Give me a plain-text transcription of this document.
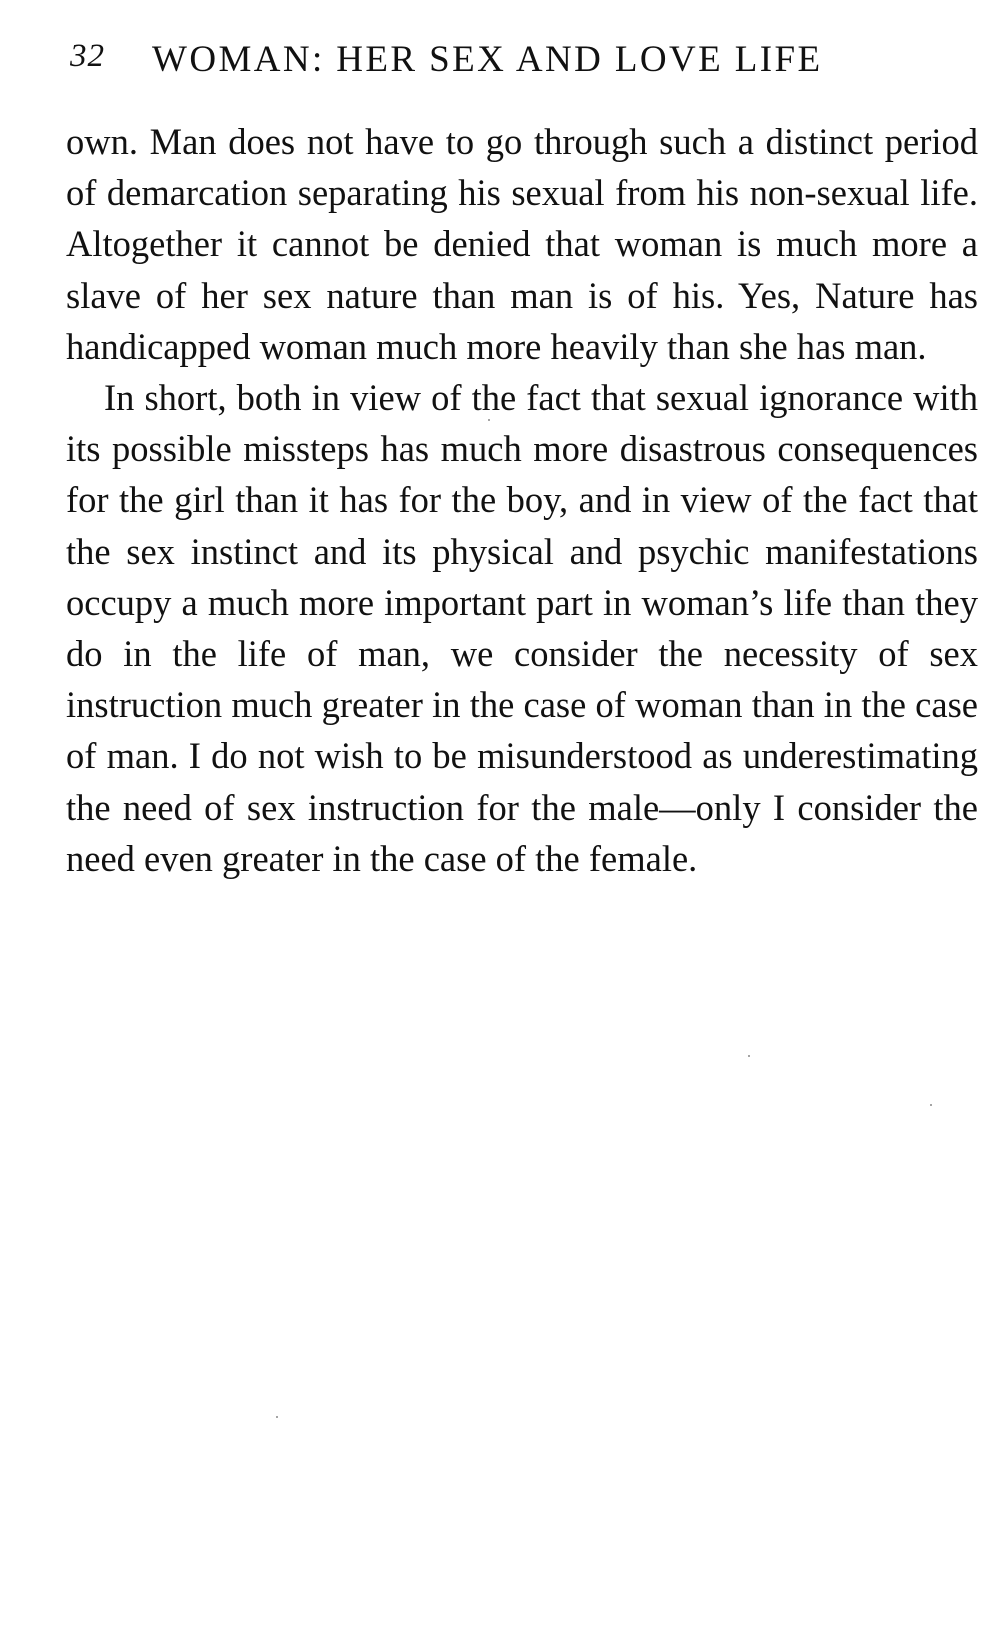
32 WOMAN: HER SEX AND LOVE LIFE

own. Man does not have to go through such a distinct period of demarcation separating his sexual from his non-sexual life. Altogether it cannot be denied that woman is much more a slave of her sex nature than man is of his. Yes, Nature has handicapped woman much more heavily than she has man.

In short, both in view of the fact that sexual ignorance with its possible missteps has much more disastrous consequences for the girl than it has for the boy, and in view of the fact that the sex instinct and its physical and psychic manifestations occupy a much more important part in woman’s life than they do in the life of man, we consider the necessity of sex instruction much greater in the case of woman than in the case of man. I do not wish to be misunderstood as underestimating the need of sex instruction for the male—only I consider the need even greater in the case of the female.
